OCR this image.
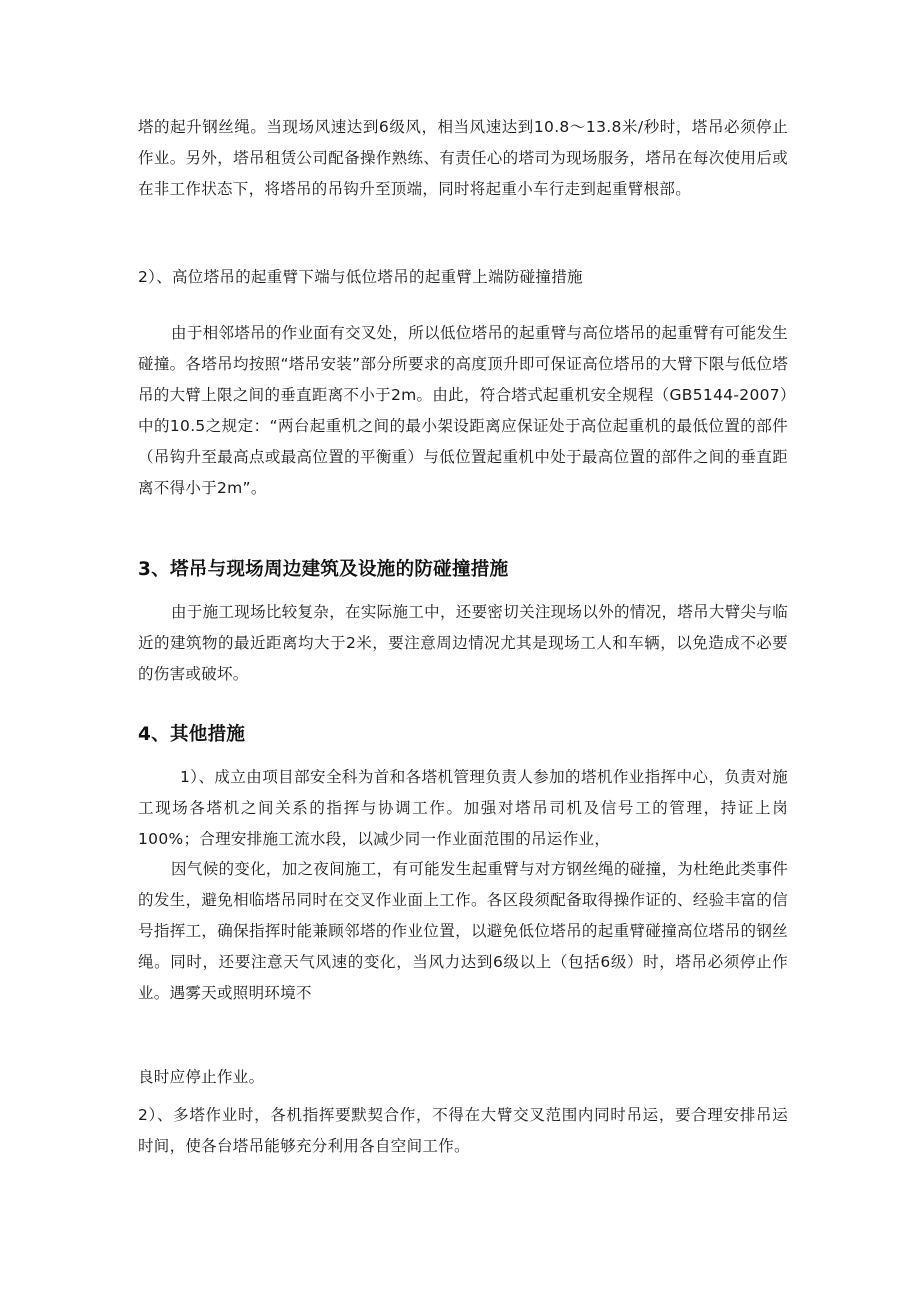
塔的起升钢丝绳。当现场风速达到6级风，相当风速达到10.8～13.8米/秒时，塔吊必须停止作业。另外，塔吊租赁公司配备操作熟练、有责任心的塔司为现场服务，塔吊在每次使用后或在非工作状态下，将塔吊的吊钩升至顶端，同时将起重小车行走到起重臂根部。

2）、高位塔吊的起重臂下端与低位塔吊的起重臂上端防碰撞措施

由于相邻塔吊的作业面有交叉处，所以低位塔吊的起重臂与高位塔吊的起重臂有可能发生碰撞。各塔吊均按照“塔吊安装”部分所要求的高度顶升即可保证高位塔吊的大臂下限与低位塔吊的大臂上限之间的垂直距离不小于2m。由此，符合塔式起重机安全规程（GB5144-2007）中的10.5之规定：“两台起重机之间的最小架设距离应保证处于高位起重机的最低位置的部件（吊钩升至最高点或最高位置的平衡重）与低位置起重机中处于最高位置的部件之间的垂直距离不得小于2m”。

3、塔吊与现场周边建筑及设施的防碰撞措施

由于施工现场比较复杂，在实际施工中，还要密切关注现场以外的情况，塔吊大臂尖与临近的建筑物的最近距离均大于2米，要注意周边情况尤其是现场工人和车辆，以免造成不必要的伤害或破坏。

4、其他措施

1）、成立由项目部安全科为首和各塔机管理负责人参加的塔机作业指挥中心，负责对施工现场各塔机之间关系的指挥与协调工作。加强对塔吊司机及信号工的管理，持证上岗100%；合理安排施工流水段，以减少同一作业面范围的吊运作业，

因气候的变化，加之夜间施工，有可能发生起重臂与对方钢丝绳的碰撞，为杜绝此类事件的发生，避免相临塔吊同时在交叉作业面上工作。各区段须配备取得操作证的、经验丰富的信号指挥工，确保指挥时能兼顾邻塔的作业位置，以避免低位塔吊的起重臂碰撞高位塔吊的钢丝绳。同时，还要注意天气风速的变化，当风力达到6级以上（包括6级）时，塔吊必须停止作业。遇雾天或照明环境不

良时应停止作业。

2）、多塔作业时，各机指挥要默契合作，不得在大臂交叉范围内同时吊运，要合理安排吊运时间，使各台塔吊能够充分利用各自空间工作。
